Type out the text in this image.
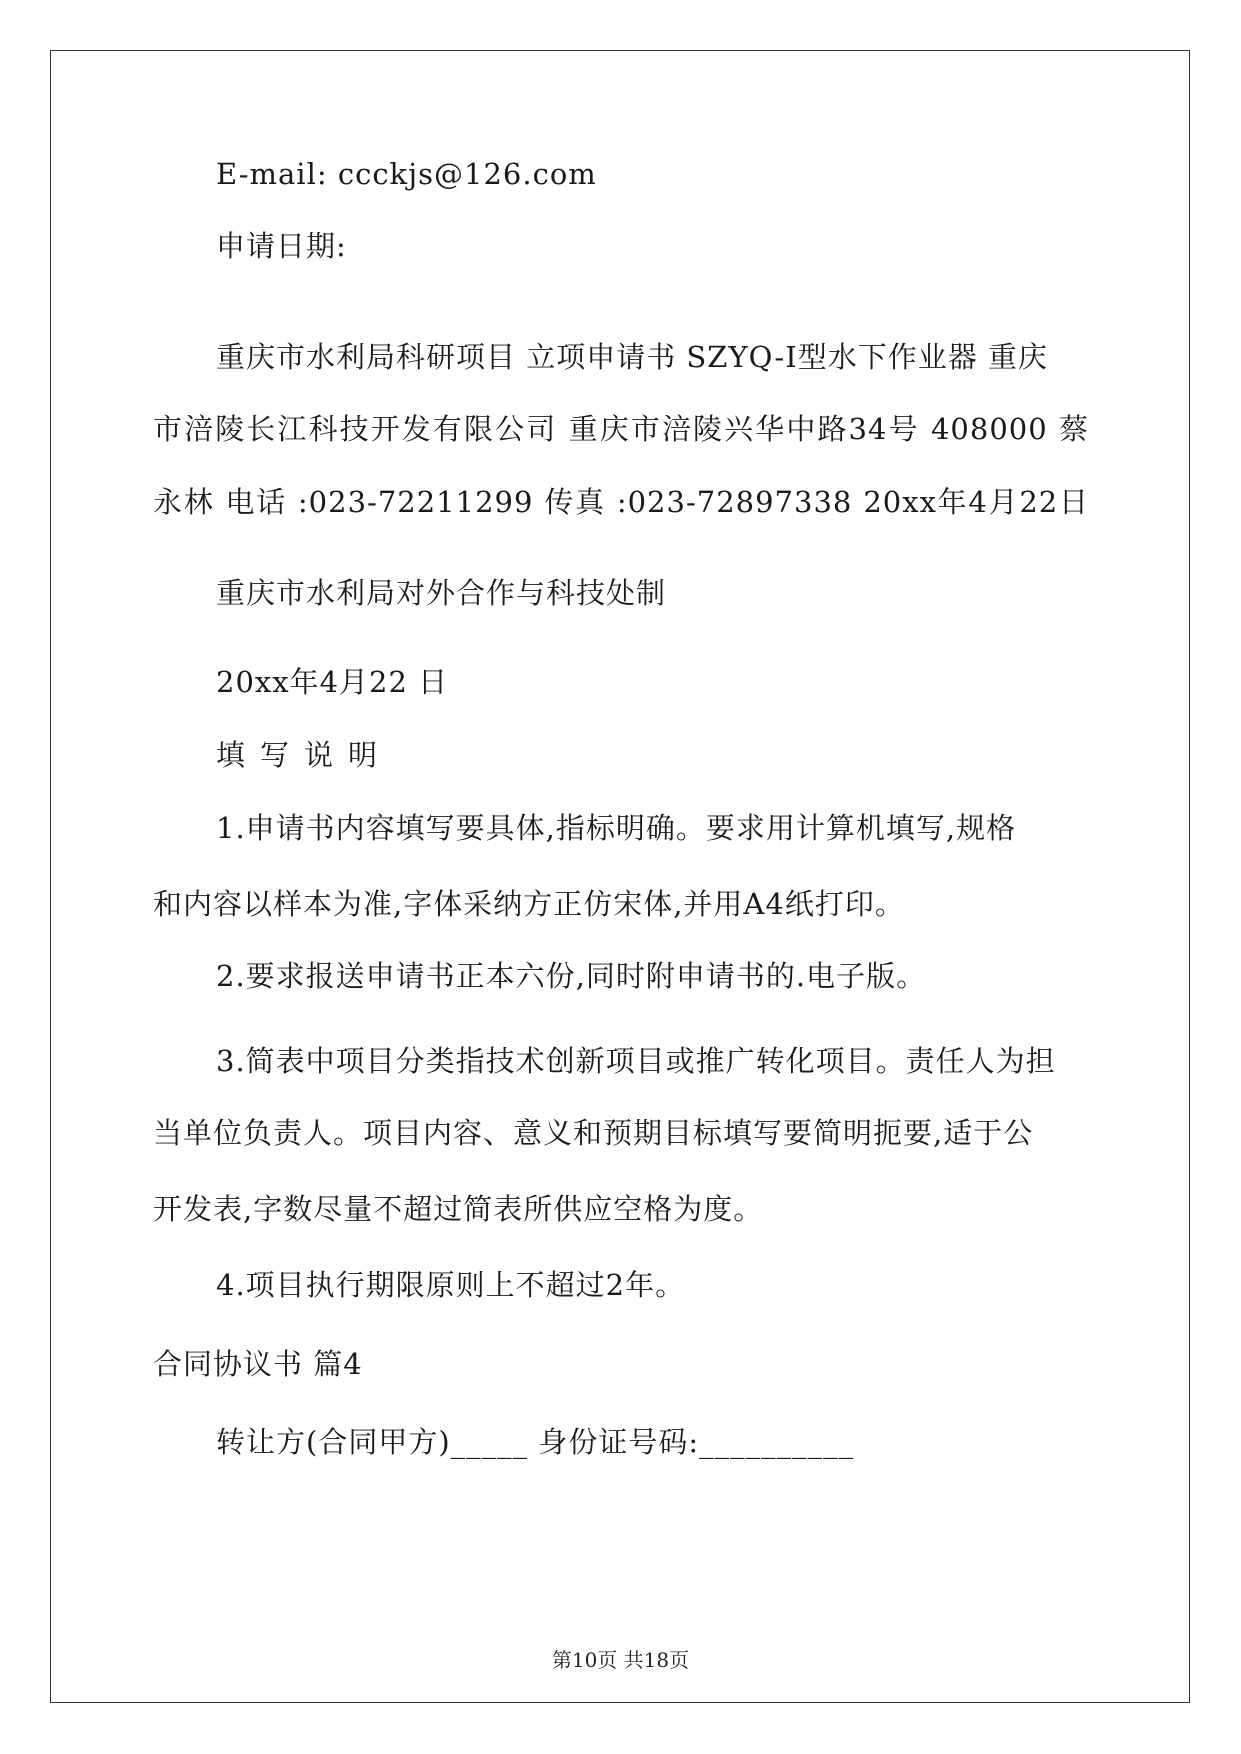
E-mail: ccckjs@126.com
申请日期:
重庆市水利局科研项目 立项申请书 SZYQ-Ⅰ型水下作业器 重庆
市涪陵长江科技开发有限公司 重庆市涪陵兴华中路34号 408000 蔡
永林 电话 :023-72211299 传真 :023-72897338 20xx年4月22日
重庆市水利局对外合作与科技处制
20xx年4月22 日
填写说明
1.申请书内容填写要具体,指标明确。要求用计算机填写,规格
和内容以样本为准,字体采纳方正仿宋体,并用A4纸打印。
2.要求报送申请书正本六份,同时附申请书的.电子版。
3.简表中项目分类指技术创新项目或推广转化项目。责任人为担
当单位负责人。项目内容、意义和预期目标填写要简明扼要,适于公
开发表,字数尽量不超过简表所供应空格为度。
4.项目执行期限原则上不超过2年。
合同协议书 篇4
转让方(合同甲方)_____ 身份证号码:__________
第10页 共18页
